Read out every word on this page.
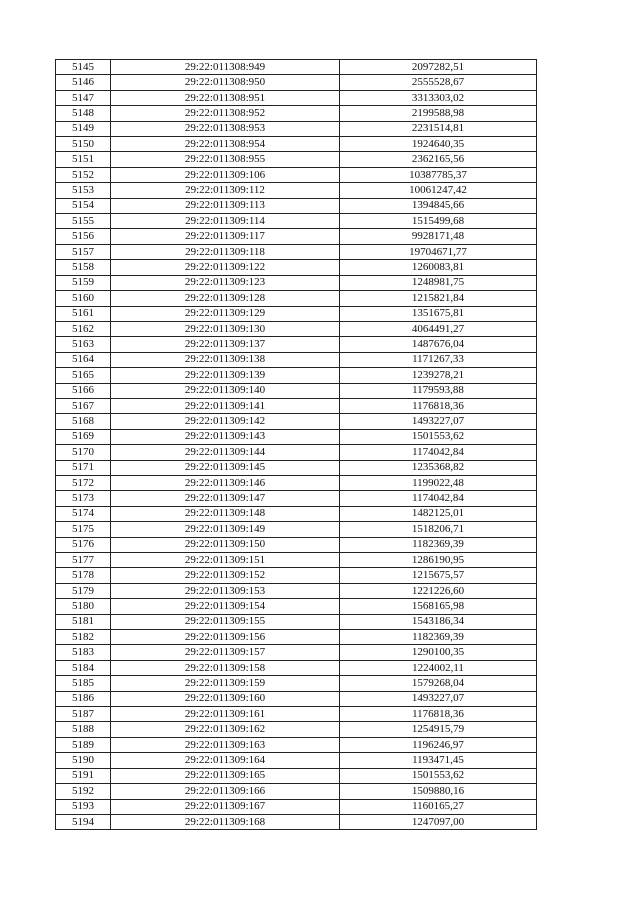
5145	29:22:011308:949	2097282,51
5146	29:22:011308:950	2555528,67
5147	29:22:011308:951	3313303,02
5148	29:22:011308:952	2199588,98
5149	29:22:011308:953	2231514,81
5150	29:22:011308:954	1924640,35
5151	29:22:011308:955	2362165,56
5152	29:22:011309:106	10387785,37
5153	29:22:011309:112	10061247,42
5154	29:22:011309:113	1394845,66
5155	29:22:011309:114	1515499,68
5156	29:22:011309:117	9928171,48
5157	29:22:011309:118	19704671,77
5158	29:22:011309:122	1260083,81
5159	29:22:011309:123	1248981,75
5160	29:22:011309:128	1215821,84
5161	29:22:011309:129	1351675,81
5162	29:22:011309:130	4064491,27
5163	29:22:011309:137	1487676,04
5164	29:22:011309:138	1171267,33
5165	29:22:011309:139	1239278,21
5166	29:22:011309:140	1179593,88
5167	29:22:011309:141	1176818,36
5168	29:22:011309:142	1493227,07
5169	29:22:011309:143	1501553,62
5170	29:22:011309:144	1174042,84
5171	29:22:011309:145	1235368,82
5172	29:22:011309:146	1199022,48
5173	29:22:011309:147	1174042,84
5174	29:22:011309:148	1482125,01
5175	29:22:011309:149	1518206,71
5176	29:22:011309:150	1182369,39
5177	29:22:011309:151	1286190,95
5178	29:22:011309:152	1215675,57
5179	29:22:011309:153	1221226,60
5180	29:22:011309:154	1568165,98
5181	29:22:011309:155	1543186,34
5182	29:22:011309:156	1182369,39
5183	29:22:011309:157	1290100,35
5184	29:22:011309:158	1224002,11
5185	29:22:011309:159	1579268,04
5186	29:22:011309:160	1493227,07
5187	29:22:011309:161	1176818,36
5188	29:22:011309:162	1254915,79
5189	29:22:011309:163	1196246,97
5190	29:22:011309:164	1193471,45
5191	29:22:011309:165	1501553,62
5192	29:22:011309:166	1509880,16
5193	29:22:011309:167	1160165,27
5194	29:22:011309:168	1247097,00
